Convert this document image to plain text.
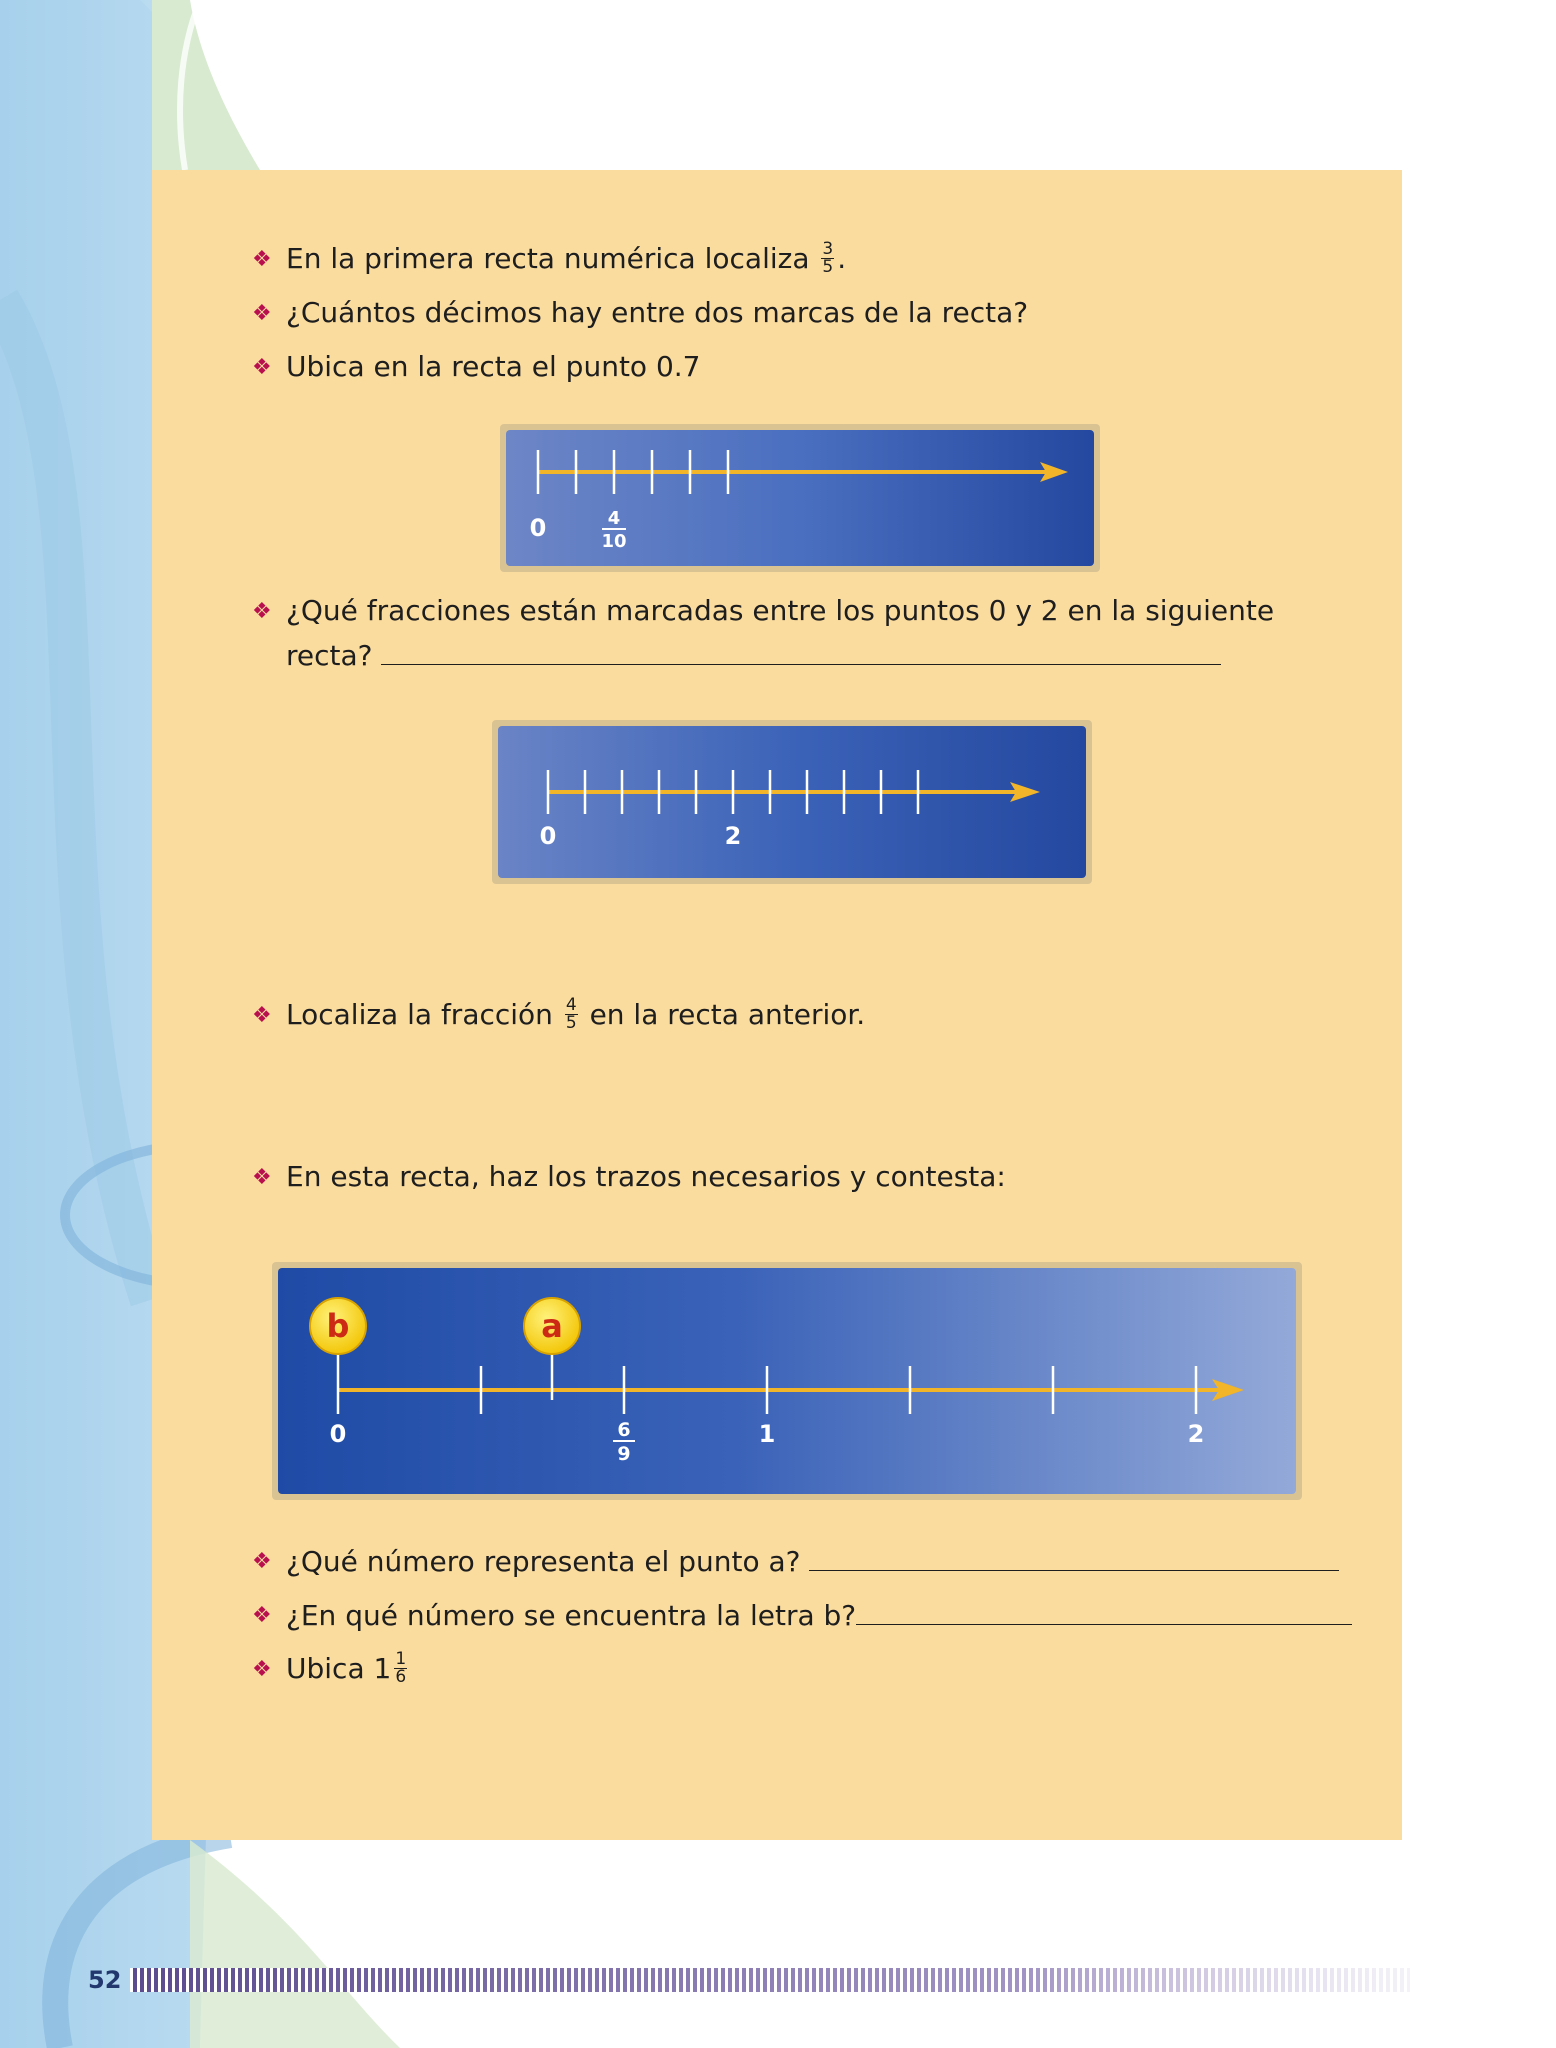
❖ En la primera recta numérica localiza $\frac{3}{5}$ .
❖ ¿Cuántos décimos hay entre dos marcas de la recta?
❖ Ubica en la recta el punto 0.7
0	4
10
❖ ¿Qué fracciones están marcadas entre los puntos 0 y 2 en la siguiente
recta?
0	2
❖ Localiza la fracción $\frac{4}{5}$ en la recta anterior.
❖ En esta recta, haz los trazos necesarios y contesta:
b	a
0	6
9
1	2
❖ ¿Qué número representa el punto a?
❖ ¿En qué número se encuentra la letra b?
❖ Ubica $1 \frac{1}{6}$
52
